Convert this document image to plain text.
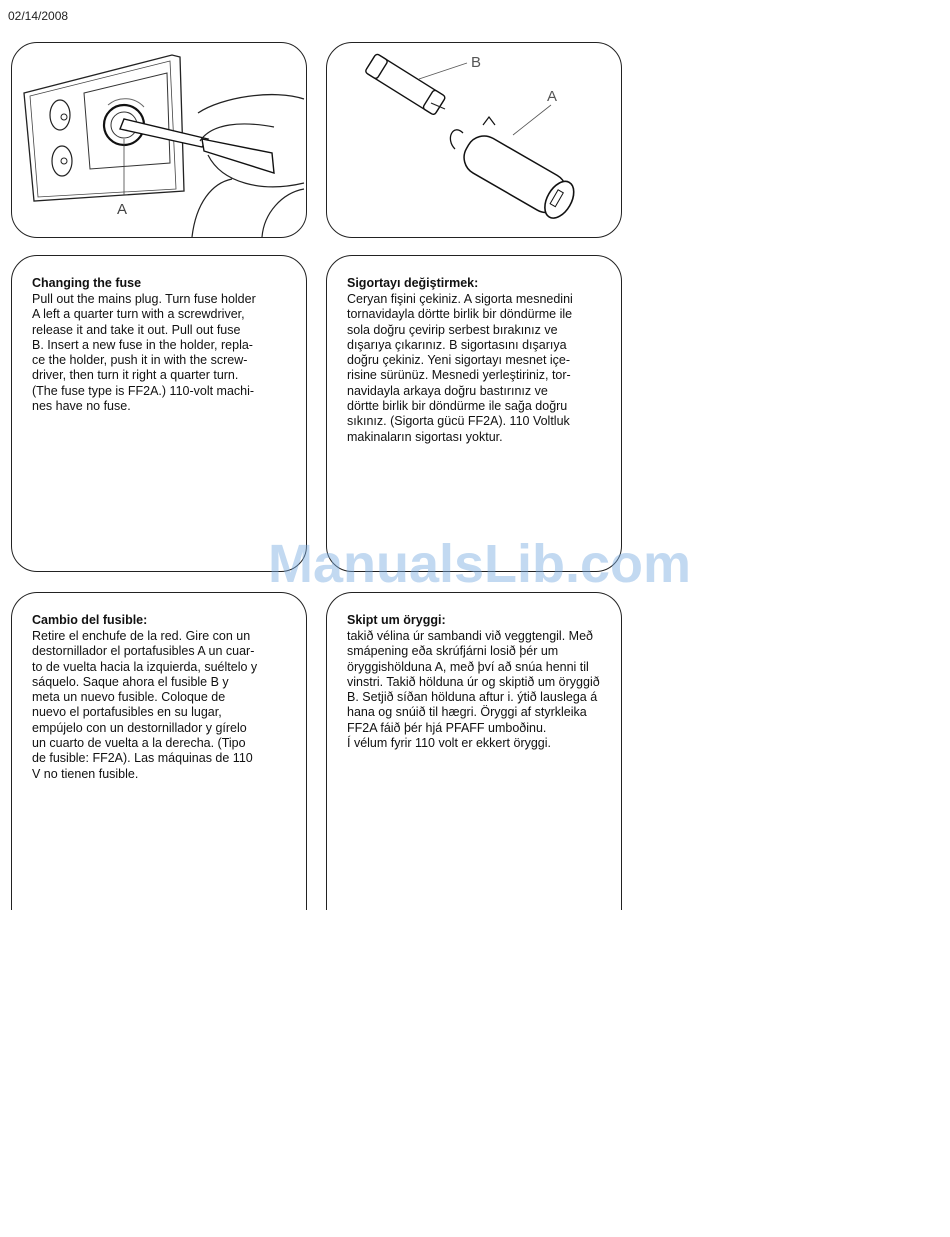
02/14/2008
A
B
A
Changing the fuse
Pull out the mains plug. Turn fuse holder
A left a quarter turn with a screwdriver,
release it and take it out. Pull out fuse
B. Insert a new fuse in the holder, repla-
ce the holder, push it in with the screw-
driver, then turn it right a quarter turn.
(The fuse type is FF2A.) 110-volt machi-
nes have no fuse.
Sigortayı değiştirmek:
Ceryan fişini çekiniz. A sigorta mesnedini
tornavidayla dörtte birlik bir döndürme ile
sola doğru çevirip serbest bırakınız ve
dışarıya çıkarınız. B sigortasını dışarıya
doğru çekiniz. Yeni sigortayı mesnet içe-
risine sürünüz. Mesnedi yerleştiriniz, tor-
navidayla arkaya doğru bastırınız ve
dörtte birlik bir döndürme ile sağa doğru
sıkınız. (Sigorta gücü FF2A). 110 Voltluk
makinaların sigortası yoktur.
Cambio del fusible:
Retire el enchufe de la red. Gire con un
destornillador el portafusibles A un cuar-
to de vuelta hacia la izquierda, suéltelo y
sáquelo. Saque ahora el fusible B y
meta un nuevo fusible. Coloque de
nuevo el portafusibles en su lugar,
empújelo con un destornillador y gírelo
un cuarto de vuelta a la derecha. (Tipo
de fusible: FF2A). Las máquinas de 110
V no tienen fusible.
Skipt um öryggi:
takið vélina úr sambandi við veggtengil. Með
smápening eða skrúfjárni losið þér um
öryggishölduna A, með því að snúa henni til
vinstri. Takið hölduna úr og skiptið um öryggið
B. Setjið síðan hölduna aftur i. ýtið lauslega á
hana og snúið til hægri. Öryggi af styrkleika
FF2A fáið þér hjá PFAFF umboðinu.
Í vélum fyrir 110 volt er ekkert öryggi.
ManualsLib.com
